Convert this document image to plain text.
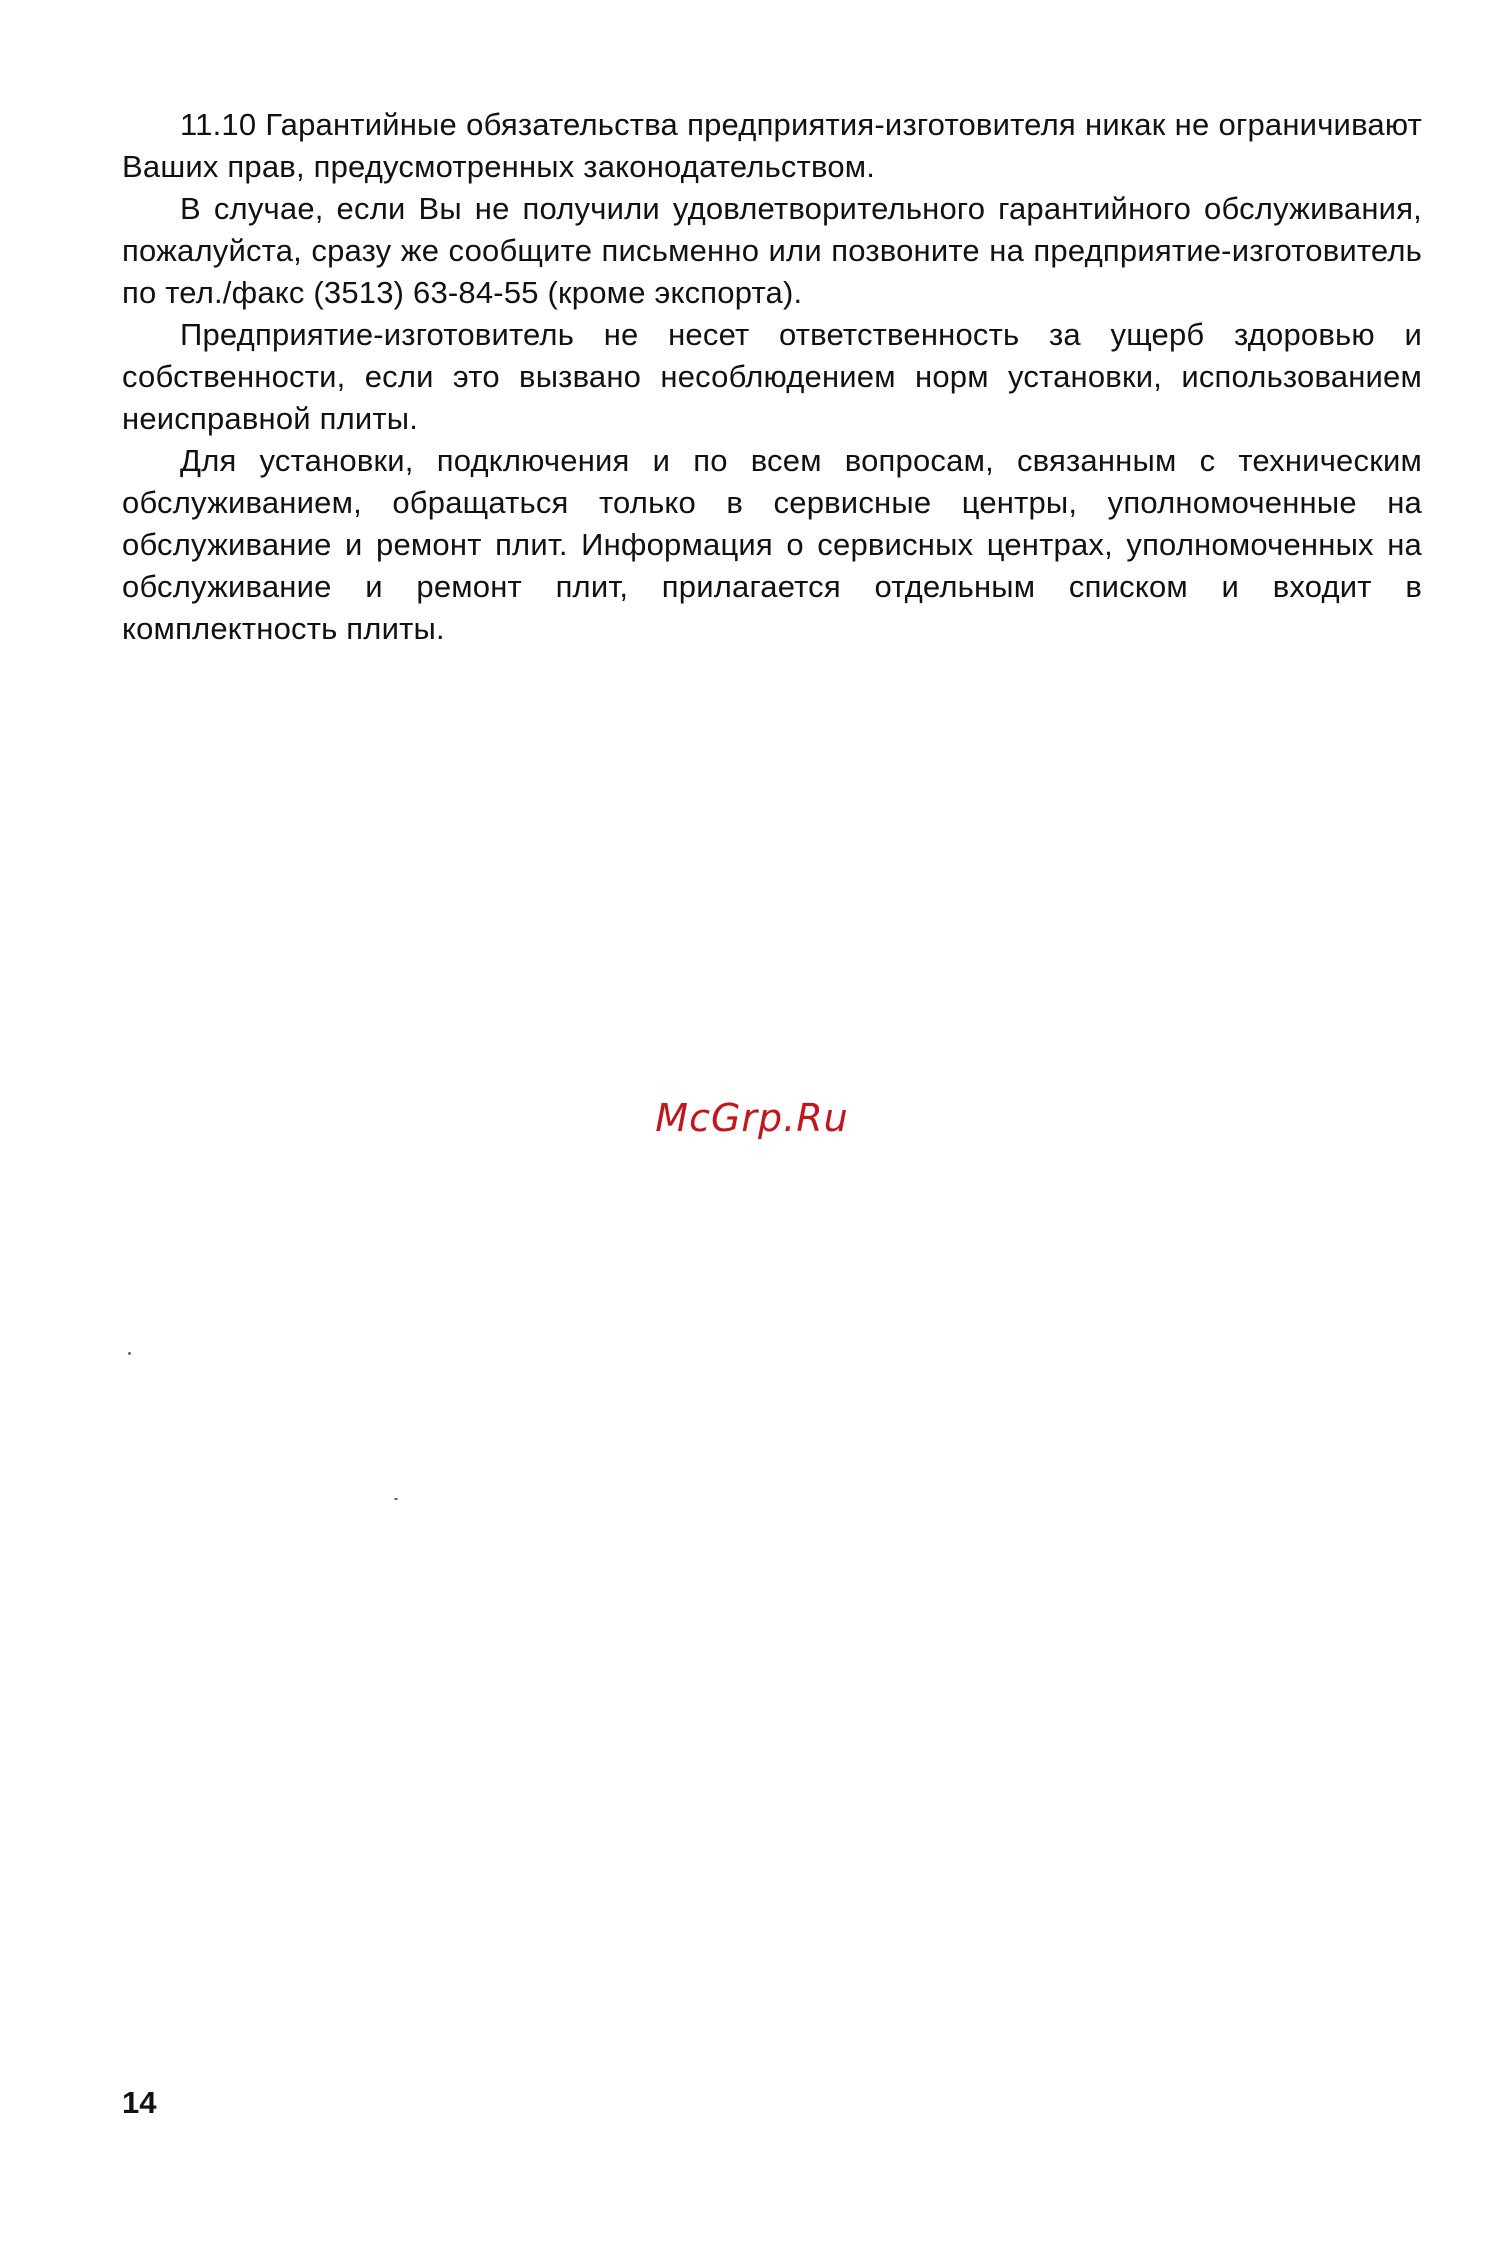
11.10 Гарантийные обязательства предприятия-изготовителя никак не ограничивают Ваших прав, предусмотренных законодательством.

В случае, если Вы не получили удовлетворительного гарантийного обслуживания, пожалуйста, сразу же сообщите письменно или позвоните на предприятие-изготовитель по тел./факс (3513) 63-84-55 (кроме экспорта).

Предприятие-изготовитель не несет ответственность за ущерб здоровью и собственности, если это вызвано несоблюдением норм установки, использованием неисправной плиты.

Для установки, подключения и по всем вопросам, связанным с техническим обслуживанием, обращаться только в сервисные центры, уполномоченные на обслуживание и ремонт плит. Информация о сервисных центрах, уполномоченных на обслуживание и ремонт плит, прилагается отдельным списком и входит в комплектность плиты.

McGrp.Ru
14
